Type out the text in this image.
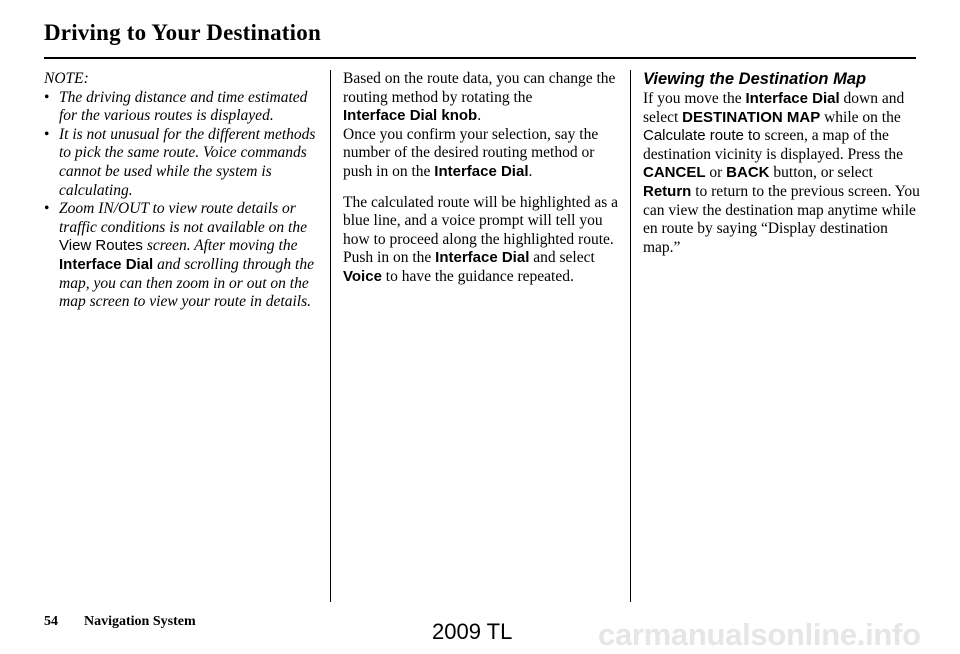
Driving to Your Destination

NOTE:

• The driving distance and time estimated for the various routes is displayed.
• It is not unusual for the different methods to pick the same route. Voice commands cannot be used while the system is calculating.
• Zoom IN/OUT to view route details or traffic conditions is not available on the View Routes screen. After moving the Interface Dial and scrolling through the map, you can then zoom in or out on the map screen to view your route in details.

Based on the route data, you can change the routing method by rotating the
Interface Dial knob.

Once you confirm your selection, say the number of the desired routing method or push in on the Interface Dial.

The calculated route will be highlighted as a blue line, and a voice prompt will tell you how to proceed along the highlighted route.

Push in on the Interface Dial and select Voice to have the guidance repeated.

Viewing the Destination Map

If you move the Interface Dial down and select DESTINATION MAP while on the Calculate route to screen, a map of the destination vicinity is displayed. Press the CANCEL or BACK button, or select Return to return to the previous screen. You can view the destination map anytime while en route by saying “Display destination map.”

54 Navigation System	2009 TL	carmanualsonline.info
